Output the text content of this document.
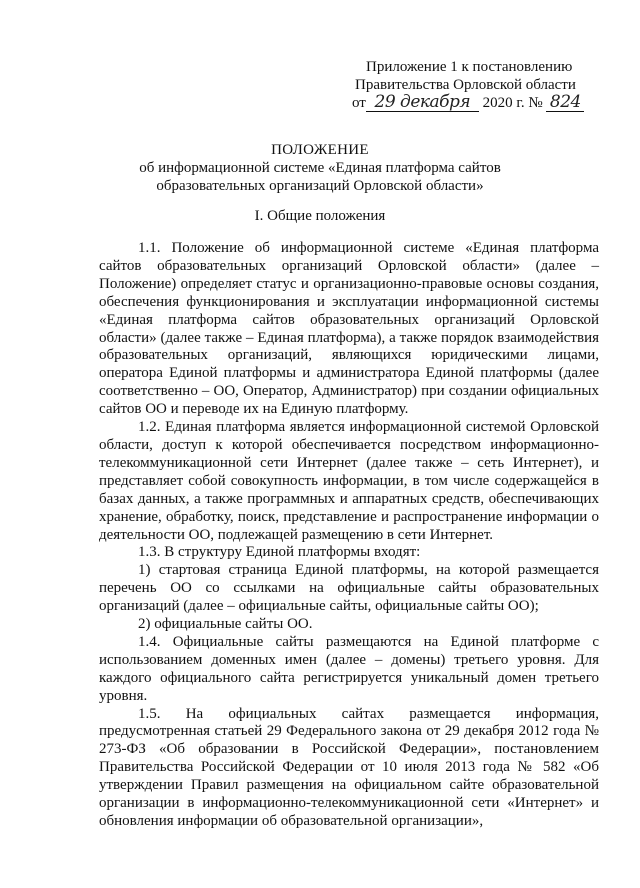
Приложение 1 к постановлению
Правительства Орловской области
от 29 декабря 2020 г. № 824
ПОЛОЖЕНИЕ
об информационной системе «Единая платформа сайтов
образовательных организаций Орловской области»
I. Общие положения

1.1. Положение об информационной системе «Единая платформа сайтов образовательных организаций Орловской области» (далее – Положение) определяет статус и организационно-правовые основы создания, обеспечения функционирования и эксплуатации информационной системы «Единая платформа сайтов образовательных организаций Орловской области» (далее также – Единая платформа), а также порядок взаимодействия образовательных организаций, являющихся юридическими лицами, оператора Единой платформы и администратора Единой платформы (далее соответственно – ОО, Оператор, Администратор) при создании официальных сайтов ОО и переводе их на Единую платформу.

1.2. Единая платформа является информационной системой Орловской области, доступ к которой обеспечивается посредством информационно-телекоммуникационной сети Интернет (далее также – сеть Интернет), и представляет собой совокупность информации, в том числе содержащейся в базах данных, а также программных и аппаратных средств, обеспечивающих хранение, обработку, поиск, представление и распространение информации о деятельности ОО, подлежащей размещению в сети Интернет.

1.3. В структуру Единой платформы входят:

1) стартовая страница Единой платформы, на которой размещается перечень ОО со ссылками на официальные сайты образовательных организаций (далее – официальные сайты, официальные сайты ОО);

2) официальные сайты ОО.

1.4. Официальные сайты размещаются на Единой платформе с использованием доменных имен (далее – домены) третьего уровня. Для каждого официального сайта регистрируется уникальный домен третьего уровня.

1.5. На официальных сайтах размещается информация, предусмотренная статьей 29 Федерального закона от 29 декабря 2012 года № 273-ФЗ «Об образовании в Российской Федерации», постановлением Правительства Российской Федерации от 10 июля 2013 года № 582 «Об утверждении Правил размещения на официальном сайте образовательной организации в информационно-телекоммуникационной сети «Интернет» и обновления информации об образовательной организации»,
